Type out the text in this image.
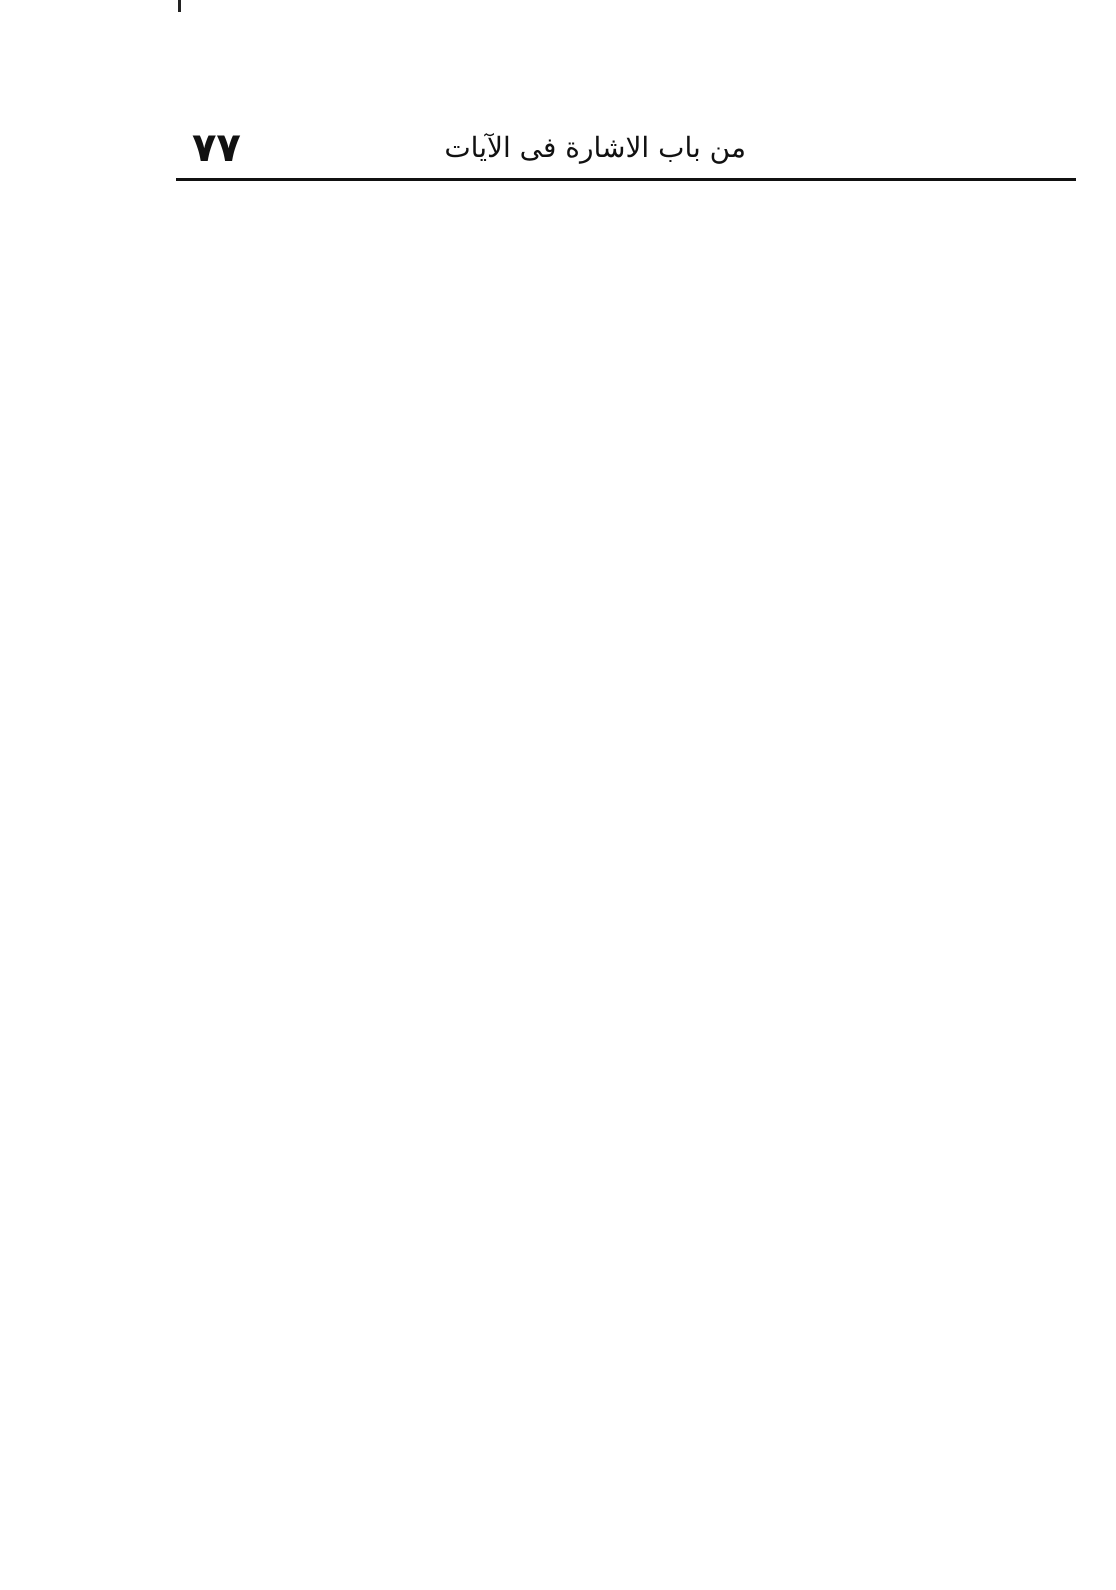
٧٧	من باب الاشارة فى الآيات
